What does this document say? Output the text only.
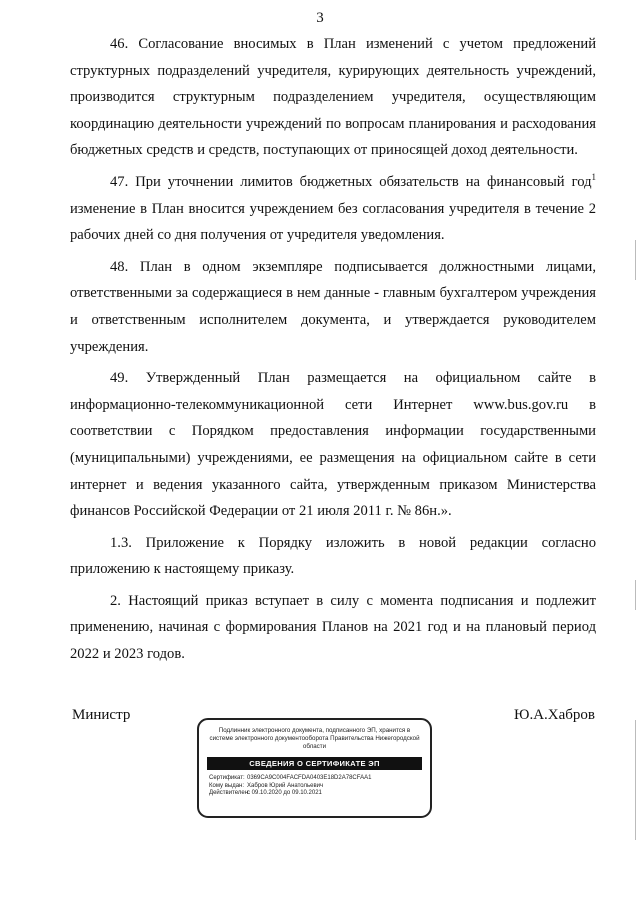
3

46. Согласование вносимых в План изменений с учетом предложений структурных подразделений учредителя, курирующих деятельность учреждений, производится структурным подразделением учредителя, осуществляющим координацию деятельности учреждений по вопросам планирования и расходования бюджетных средств и средств, поступающих от приносящей доход деятельности.

47. При уточнении лимитов бюджетных обязательств на финансовый год$^1$ изменение в План вносится учреждением без согласования учредителя в течение 2 рабочих дней со дня получения от учредителя уведомления.

48. План в одном экземпляре подписывается должностными лицами, ответственными за содержащиеся в нем данные - главным бухгалтером учреждения и ответственным исполнителем документа, и утверждается руководителем учреждения.

49. Утвержденный План размещается на официальном сайте в информационно-телекоммуникационной сети Интернет www.bus.gov.ru в соответствии с Порядком предоставления информации государственными (муниципальными) учреждениями, ее размещения на официальном сайте в сети интернет и ведения указанного сайта, утвержденным приказом Министерства финансов Российской Федерации от 21 июля 2011 г. № 86н.».

1.3. Приложение к Порядку изложить в новой редакции согласно приложению к настоящему приказу.

2. Настоящий приказ вступает в силу с момента подписания и подлежит применению, начиная с формирования Планов на 2021 год и на плановый период 2022 и 2023 годов.

Министр	Ю.А.Хабров
Подлинник электронного документа, подписанного ЭП, хранится в системе электронного документооборота Правительства Нижегородской области
СВЕДЕНИЯ О СЕРТИФИКАТЕ ЭП
Сертификат: 0369CA9C004FACFDA0403E18D2A78CFAA1
Кому выдан: Хабров Юрий Анатольевич
Действителен:с 09.10.2020 до 09.10.2021
